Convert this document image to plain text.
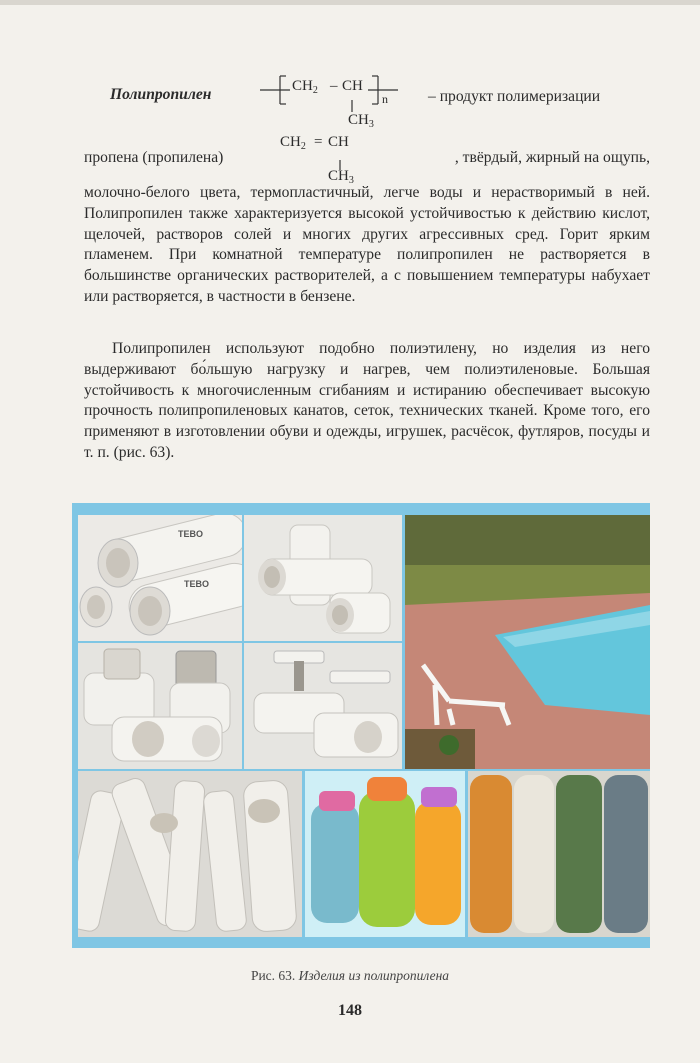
Полипропилен	$CH_2$ – CH
n
$CH_3$
– продукт полимеризации
пропена (пропилена)
$CH_2$ = CH
$CH_3$
, твёрдый, жирный на ощупь,
молочно-белого цвета, термопластичный, легче воды и нерастворимый в ней. Полипропилен также характеризуется высокой устойчивостью к действию кислот, щелочей, растворов солей и многих других агрессивных сред. Горит ярким пламенем. При комнатной температуре полипропилен не растворяется в большинстве органических растворителей, а с повышением температуры набухает или растворяется, в частности в бензене.
Полипропилен используют подобно полиэтилену, но изделия из него выдерживают бо́льшую нагрузку и нагрев, чем полиэтиленовые. Большая устойчивость к многочисленным сгибаниям и истиранию обеспечивает высокую прочность полипропиленовых канатов, сеток, технических тканей. Кроме того, его применяют в изготовлении обуви и одежды, игрушек, расчёсок, футляров, посуды и т. п. (рис. 63).
TEBO
TEBO
Рис. 63. Изделия из полипропилена
148
